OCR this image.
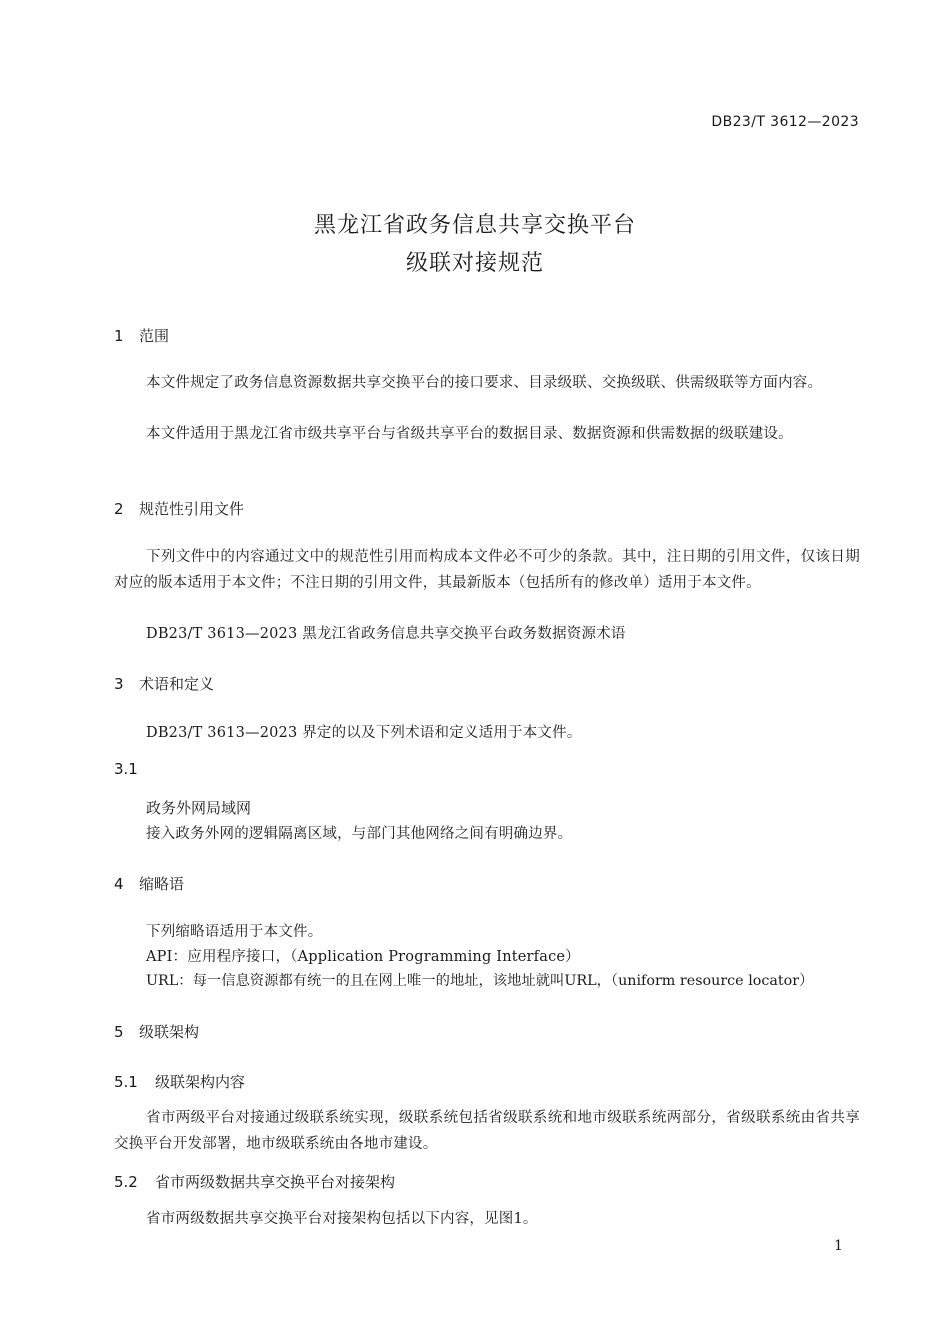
DB23/T 3612—2023
黑龙江省政务信息共享交换平台
级联对接规范
1 范围
本文件规定了政务信息资源数据共享交换平台的接口要求、目录级联、交换级联、供需级联等方面内容。
本文件适用于黑龙江省市级共享平台与省级共享平台的数据目录、数据资源和供需数据的级联建设。
2 规范性引用文件
下列文件中的内容通过文中的规范性引用而构成本文件必不可少的条款。其中，注日期的引用文件，仅该日期对应的版本适用于本文件；不注日期的引用文件，其最新版本（包括所有的修改单）适用于本文件。
DB23/T 3613—2023 黑龙江省政务信息共享交换平台政务数据资源术语
3 术语和定义
DB23/T 3613—2023 界定的以及下列术语和定义适用于本文件。
3.1
政务外网局域网
接入政务外网的逻辑隔离区域，与部门其他网络之间有明确边界。
4 缩略语
下列缩略语适用于本文件。
API：应用程序接口，（Application Programming Interface）
URL：每一信息资源都有统一的且在网上唯一的地址，该地址就叫URL，（uniform resource locator）
5 级联架构
5.1 级联架构内容
省市两级平台对接通过级联系统实现，级联系统包括省级联系统和地市级联系统两部分，省级联系统由省共享交换平台开发部署，地市级联系统由各地市建设。
5.2 省市两级数据共享交换平台对接架构
省市两级数据共享交换平台对接架构包括以下内容，见图1。
1
